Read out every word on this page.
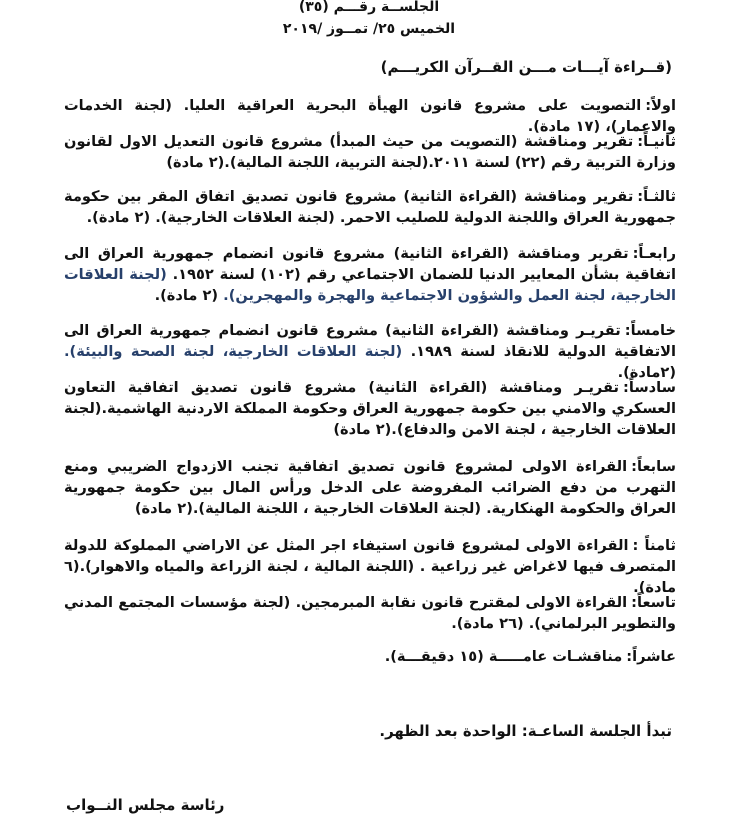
الجلســة رقـــم (٣٥)
الخميس ٢٥/ تمــوز /٢٠١٩
(قــراءة آيـــات مـــن القــرآن الكريـــم)
اولاً:التصويت على مشروع قانون الهيأة البحرية العراقية العليا. (لجنة الخدمات والاعمار)، (١٧ مادة).
ثانيـاً:تقرير ومناقشة (التصويت من حيث المبدأ) مشروع قانون التعديل الاول لقانون وزارة التربية رقم (٢٢) لسنة ٢٠١١.(لجنة التربية، اللجنة المالية).(٢ مادة)
ثالثـاً:تقرير ومناقشة (القراءة الثانية) مشروع قانون تصديق اتفاق المقر بين حكومة جمهورية العراق واللجنة الدولية للصليب الاحمر. (لجنة العلاقات الخارجية). (٢ مادة).
رابعـاً:تقرير ومناقشة (القراءة الثانية) مشروع قانون انضمام جمهورية العراق الى اتفاقية بشأن المعايير الدنيا للضمان الاجتماعي رقم (١٠٢) لسنة ١٩٥٢. (لجنة العلاقات الخارجية، لجنة العمل والشؤون الاجتماعية والهجرة والمهجرين). (٢ مادة).
خامساً:تقريـر ومناقشة (القراءة الثانية) مشروع قانون انضمام جمهورية العراق الى الاتفاقية الدولية للانقاذ لسنة ١٩٨٩. (لجنة العلاقات الخارجية، لجنة الصحة والبيئة).(٢مادة).
سادساً:تقريـر ومناقشة (القراءة الثانية) مشروع قانون تصديق اتفاقية التعاون العسكري والامني بين حكومة جمهورية العراق وحكومة المملكة الاردنية الهاشمية.(لجنة العلاقات الخارجية ، لجنة الامن والدفاع).(٢ مادة)
سابعاً:القراءة الاولى لمشروع قانون تصديق اتفاقية تجنب الازدواج الضريبي ومنع التهرب من دفع الضرائب المفروضة على الدخل ورأس المال بين حكومة جمهورية العراق والحكومة الهنكارية. (لجنة العلاقات الخارجية ، اللجنة المالية).(٢ مادة)
ثامناً :القراءة الاولى لمشروع قانون استيفاء اجر المثل عن الاراضي المملوكة للدولة المتصرف فيها لاغراض غير زراعية . (اللجنة المالية ، لجنة الزراعة والمياه والاهوار).(٦ مادة).
تاسعاً:القراءة الاولى لمقترح قانون نقابة المبرمجين. (لجنة مؤسسات المجتمع المدني والتطوير البرلماني). (٢٦ مادة).
عاشراً:مناقشـات عامـــــة (١٥ دقيقـــة).
تبدأ الجلسة الساعـة: الواحدة بعد الظهر.
رئاسة مجلس النــواب
